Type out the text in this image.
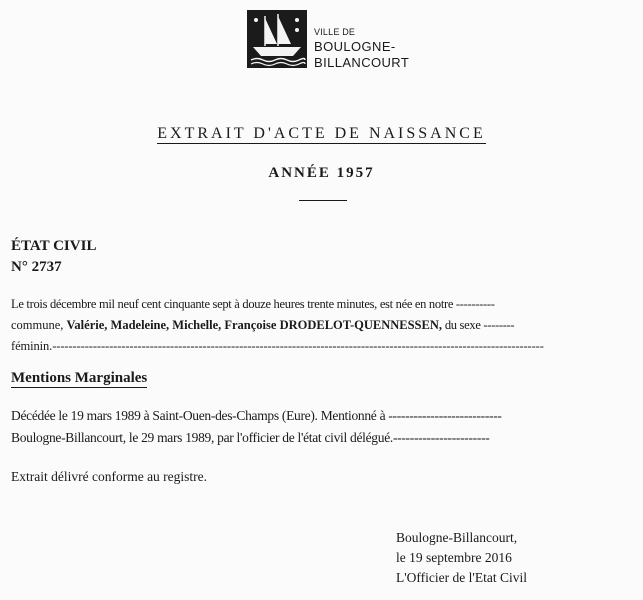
VILLE DE
BOULOGNE-
BILLANCOURT
EXTRAIT D'ACTE DE NAISSANCE
ANNÉE 1957
ÉTAT CIVIL
N° 2737
Le trois décembre mil neuf cent cinquante sept à douze heures trente minutes, est née en notre ----------
commune, Valérie, Madeleine, Michelle, Françoise DRODELOT-QUENNESSEN, du sexe --------
féminin.-------------------------------------------------------------------------------------------------------------------------
Mentions Marginales
Décédée le 19 mars 1989 à Saint-Ouen-des-Champs (Eure). Mentionné à ---------------------------
Boulogne-Billancourt, le 29 mars 1989, par l'officier de l'état civil délégué.-----------------------
Extrait délivré conforme au registre.
Boulogne-Billancourt,
le 19 septembre 2016
L'Officier de l'Etat Civil
